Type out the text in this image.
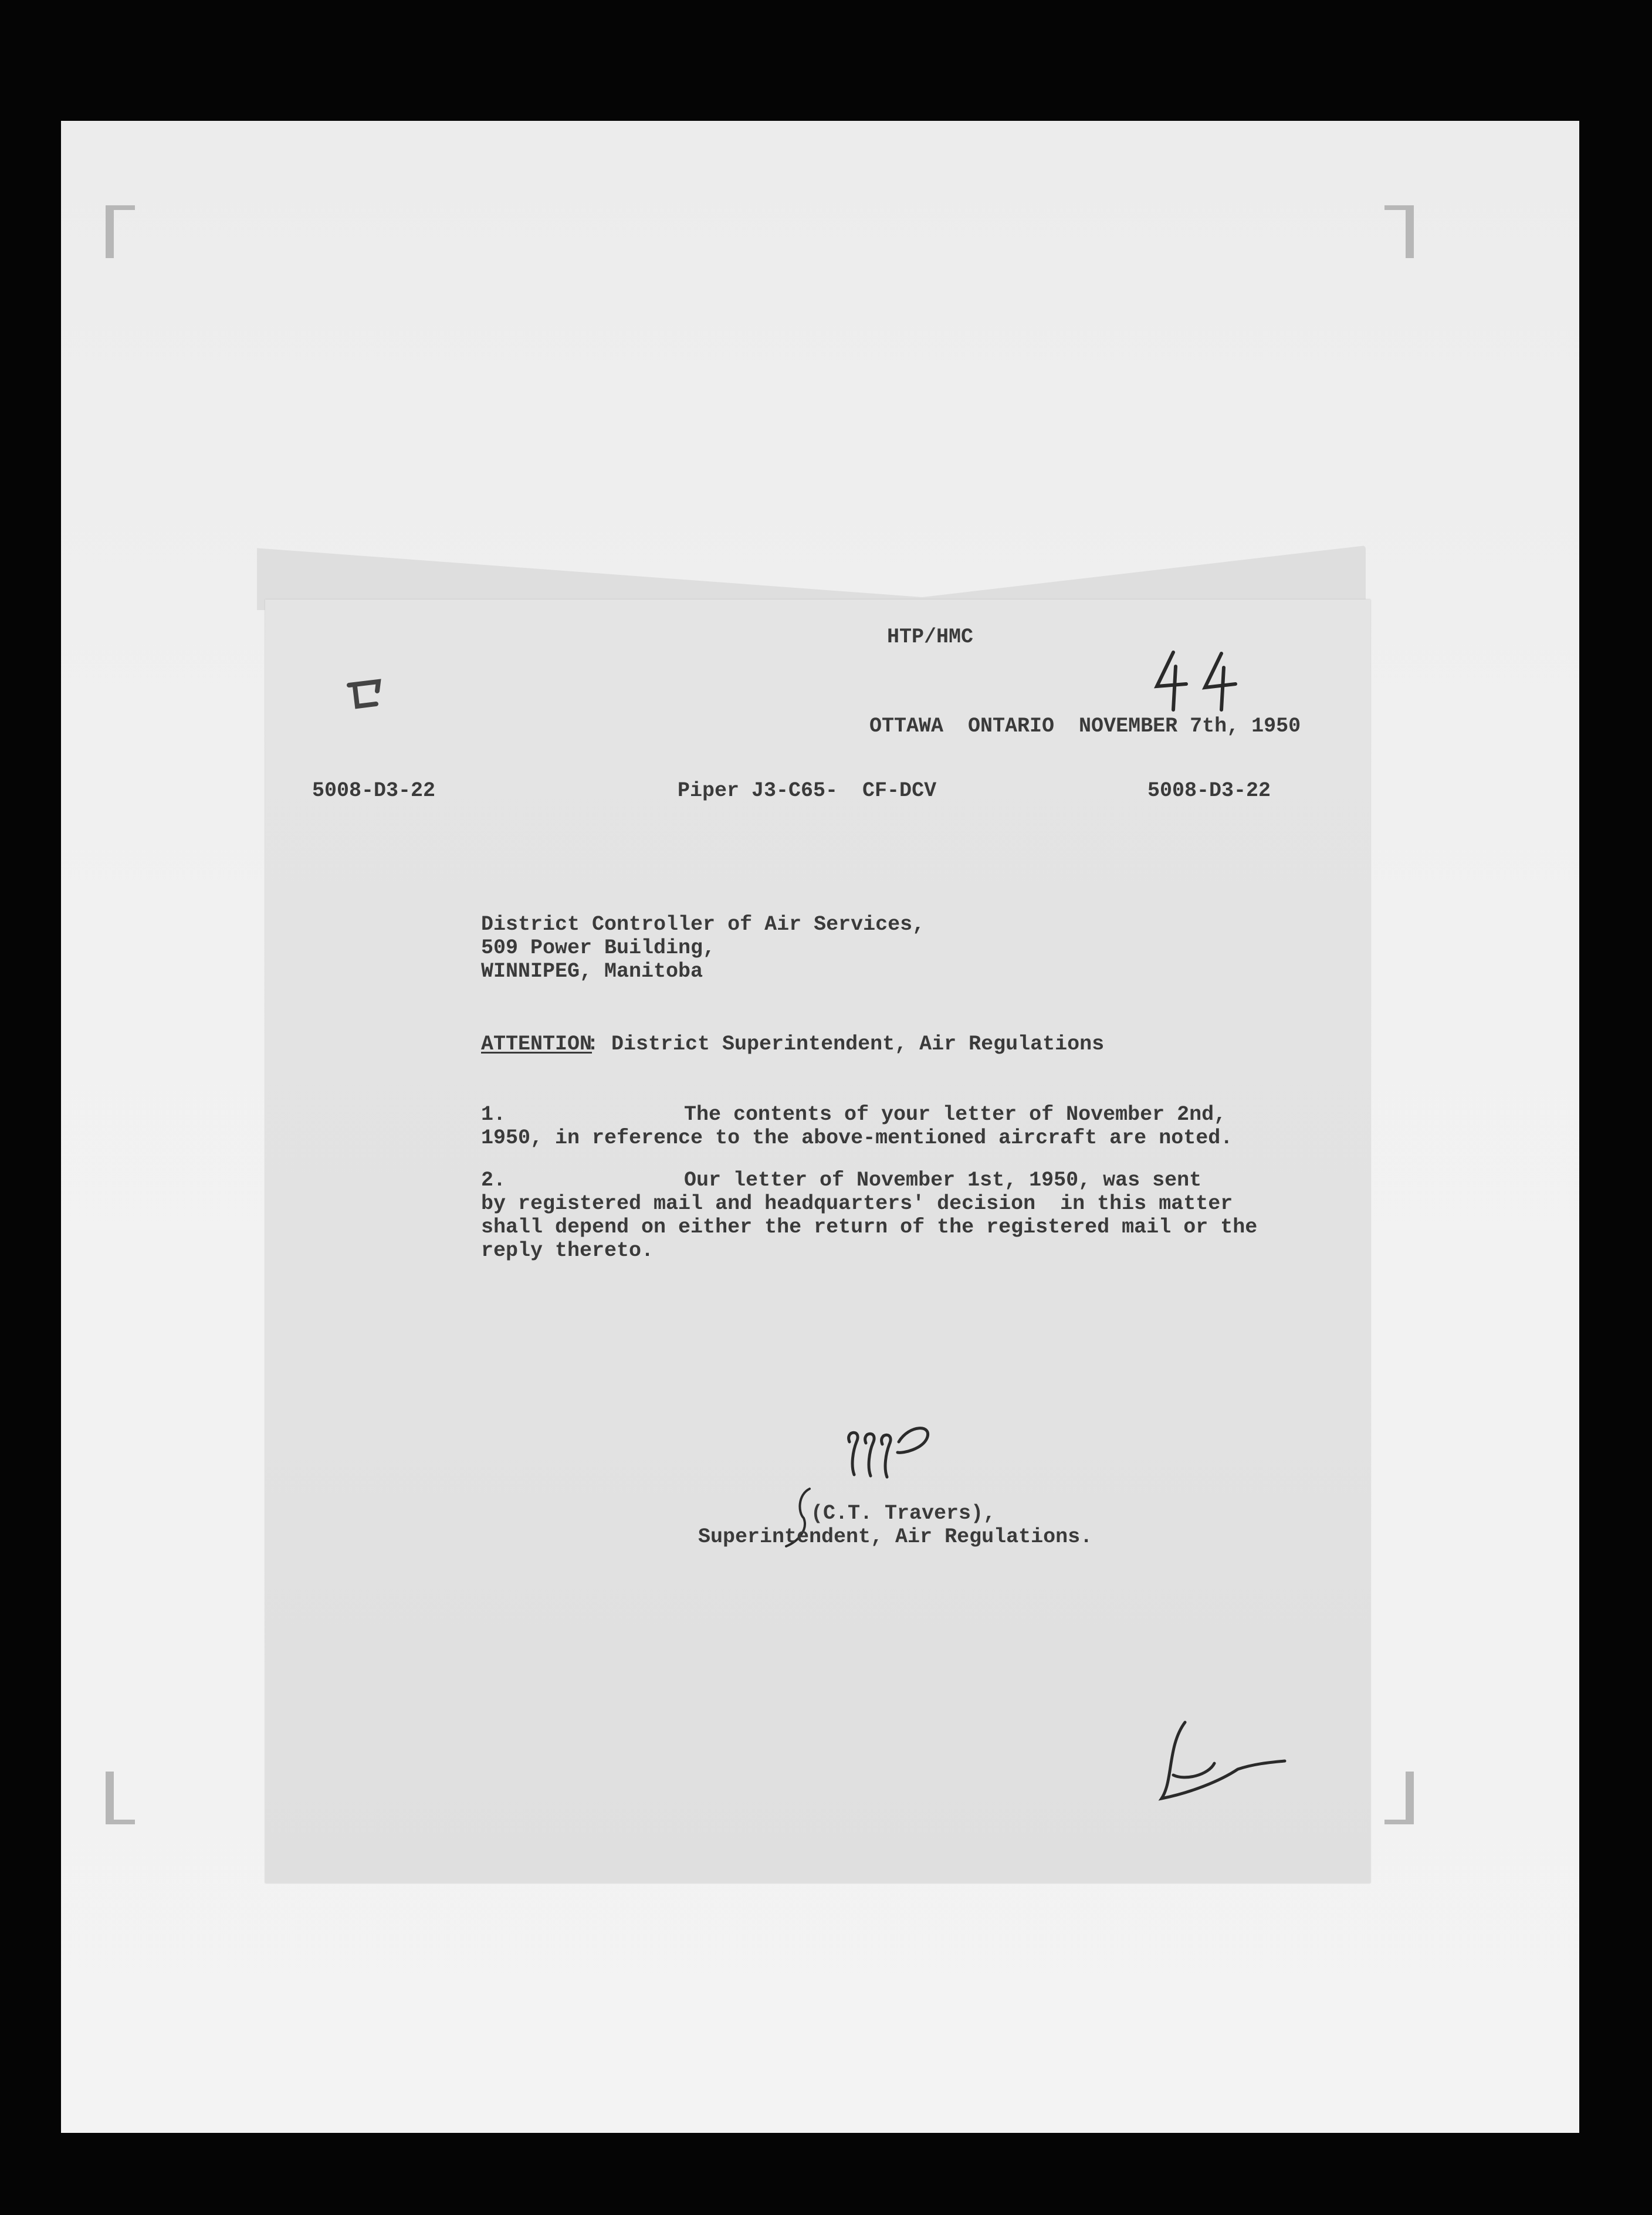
HTP/HMC
OTTAWA  ONTARIO  NOVEMBER 7th, 1950
5008-D3-22	Piper J3-C65-  CF-DCV	5008-D3-22
District Controller of Air Services,
509 Power Building,
WINNIPEG, Manitoba
ATTENTION
: District Superintendent, Air Regulations
1.	The contents of your letter of November 2nd,
1950, in reference to the above-mentioned aircraft are noted.
2.	Our letter of November 1st, 1950, was sent
by registered mail and headquarters' decision  in this matter
shall depend on either the return of the registered mail or the
reply thereto.
(C.T. Travers),
Superintendent, Air Regulations.
